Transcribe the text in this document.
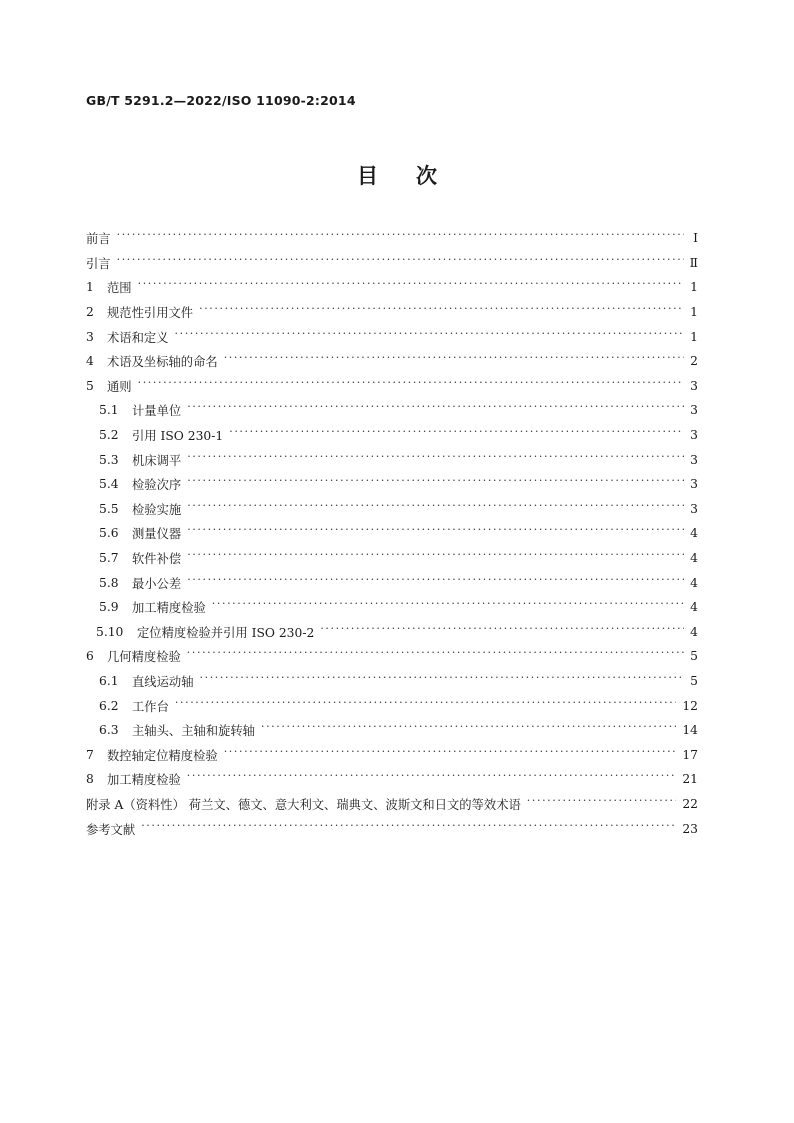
GB/T 5291.2—2022/ISO 11090-2:2014
目 次
前言 ·····	Ⅰ
引言 ·····	Ⅱ
1	范围 ·····	1
2	规范性引用文件 ·····	1
3	术语和定义 ·····	1
4	术语及坐标轴的命名 ·····	2
5	通则 ·····	3
5.1	计量单位 ·····	3
5.2	引用 ISO 230-1 ·····	3
5.3	机床调平 ·····	3
5.4	检验次序 ·····	3
5.5	检验实施 ·····	3
5.6	测量仪器 ·····	4
5.7	软件补偿 ·····	4
5.8	最小公差 ·····	4
5.9	加工精度检验 ·····	4
5.10	定位精度检验并引用 ISO 230-2 ·····	4
6	几何精度检验 ·····	5
6.1	直线运动轴 ·····	5
6.2	工作台 ·····	12
6.3	主轴头、主轴和旋转轴 ·····	14
7	数控轴定位精度检验 ·····	17
8	加工精度检验 ·····	21
附录 A（资料性） 荷兰文、德文、意大利文、瑞典文、波斯文和日文的等效术语 ·····	22
参考文献 ·····	23
